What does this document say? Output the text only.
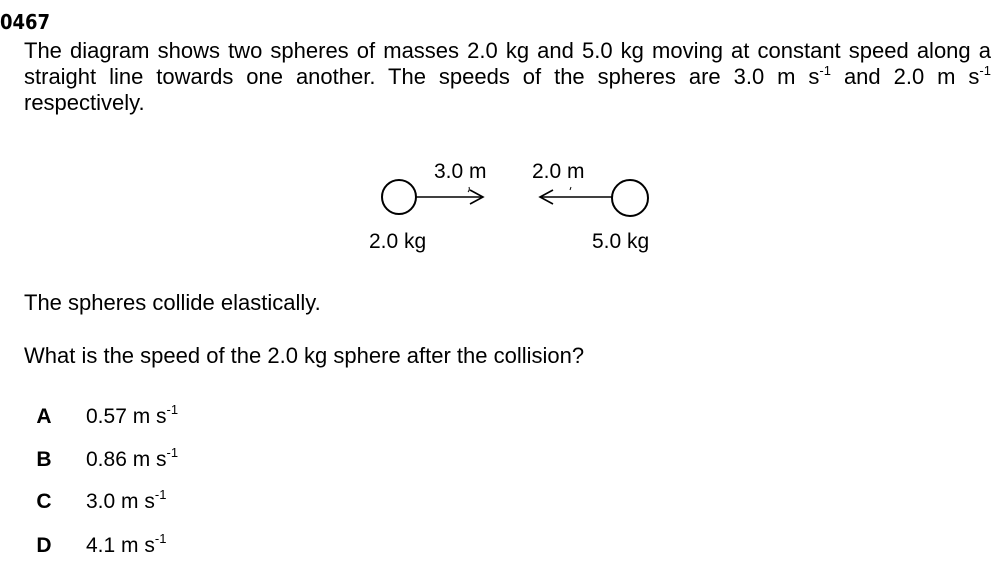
0467
The diagram shows two spheres of masses 2.0 kg and 5.0 kg moving at constant speed along a straight line towards one another. The speeds of the spheres are 3.0 m $s^{-1}$ and 2.0 m $s^{-1}$ respectively.
3.0 m 2.0 m
2.0 kg	5.0 kg
The spheres collide elastically.
What is the speed of the 2.0 kg sphere after the collision?
A 0.57 m $s^{-1}$
B 0.86 m $s^{-1}$
C 3.0 m $s^{-1}$
D 4.1 m $s^{-1}$
